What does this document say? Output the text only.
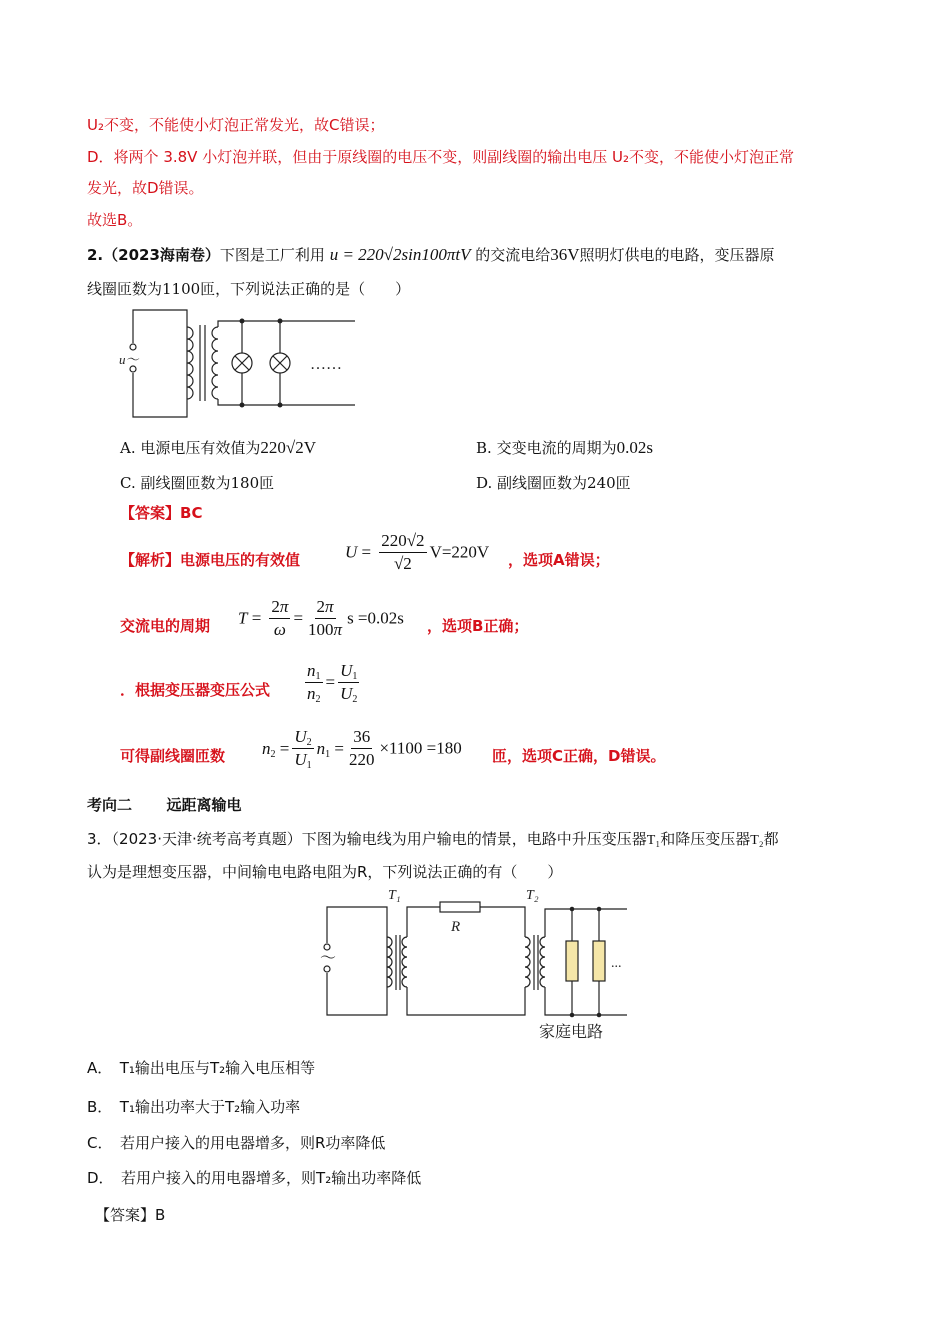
U₂不变，不能使小灯泡正常发光，故C错误；
D．将两个 3.8V 小灯泡并联，但由于原线圈的电压不变，则副线圈的输出电压 U₂不变，不能使小灯泡正常
发光，故D错误。
故选B。
2.（2023海南卷）下图是工厂利用 u = 220√2sin100πtV 的交流电给36V照明灯供电的电路，变压器原
线圈匝数为1100匝，下列说法正确的是（　　）
u～	……
A. 电源电压有效值为220√2V	B. 交变电流的周期为0.02s
C. 副线圈匝数为180匝	D. 副线圈匝数为240匝
【答案】BC
【解析】电源电压的有效值	$U = \frac{220√2}{√2} V=220V$ ，选项A错误；
交流电的周期 $T = \frac{2\pi}{\omega} = \frac{2\pi}{100\pi}$ s =0.02s ，选项B正确；
．根据变压器变压公式 $\frac{n_1}{n_2} = \frac{U_1}{U_2}$
可得副线圈匝数 $n_2 = \frac{U_2}{U_1} n_1 = \frac{36}{220} \times 1100 =180$ 匝，选项C正确，D错误。
考向二 远距离输电
3．（2023·天津·统考高考真题）下图为输电线为用户输电的情景，电路中升压变压器T₁和降压变压器T₂都
认为是理想变压器，中间输电电路电阻为R，下列说法正确的有（　　）
T₁	T₂
R
～	...
家庭电路
A．　T₁输出电压与T₂输入电压相等
B．　T₁输出功率大于T₂输入功率
C．　若用户接入的用电器增多，则R功率降低
D．　若用户接入的用电器增多，则T₂输出功率降低
【答案】B
